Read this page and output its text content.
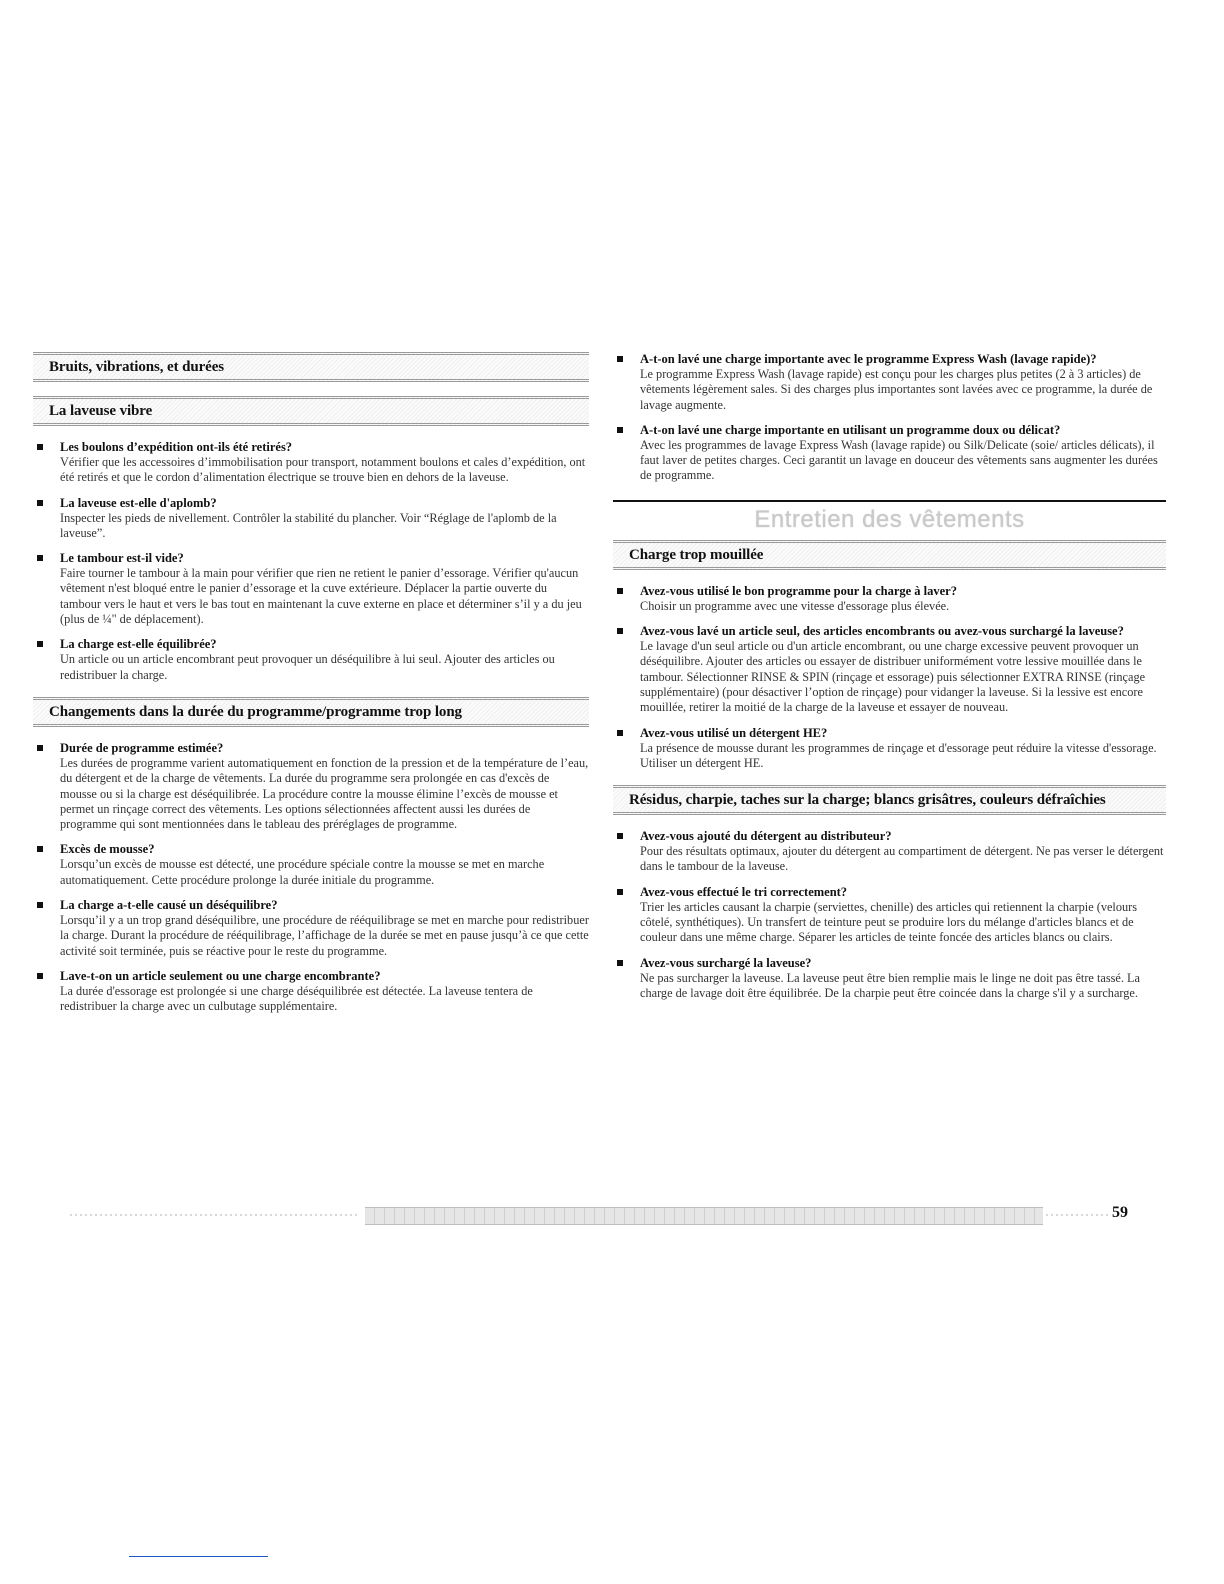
Bruits, vibrations, et durées
La laveuse vibre
Les boulons d’expédition ont-ils été retirés?
Vérifier que les accessoires d’immobilisation pour transport, notamment boulons et cales d’expédition, ont été retirés et que le cordon d’alimentation électrique se trouve bien en dehors de la laveuse.
La laveuse est-elle d'aplomb?
Inspecter les pieds de nivellement. Contrôler la stabilité du plancher. Voir “Réglage de l'aplomb de la laveuse”.
Le tambour est-il vide?
Faire tourner le tambour à la main pour vérifier que rien ne retient le panier d’essorage. Vérifier qu'aucun vêtement n'est bloqué entre le panier d’essorage et la cuve extérieure. Déplacer la partie ouverte du tambour vers le haut et vers le bas tout en maintenant la cuve externe en place et déterminer s’il y a du jeu (plus de ¼" de déplacement).
La charge est-elle équilibrée?
Un article ou un article encombrant peut provoquer un déséquilibre à lui seul. Ajouter des articles ou redistribuer la charge.
Changements dans la durée du programme/programme trop long
Durée de programme estimée?
Les durées de programme varient automatiquement en fonction de la pression et de la température de l’eau, du détergent et de la charge de vêtements. La durée du programme sera prolongée en cas d'excès de mousse ou si la charge est déséquilibrée. La procédure contre la mousse élimine l’excès de mousse et permet un rinçage correct des vêtements. Les options sélectionnées affectent aussi les durées de programme qui sont mentionnées dans le tableau des préréglages de programme.
Excès de mousse?
Lorsqu’un excès de mousse est détecté, une procédure spéciale contre la mousse se met en marche automatiquement. Cette procédure prolonge la durée initiale du programme.
La charge a-t-elle causé un déséquilibre?
Lorsqu’il y a un trop grand déséquilibre, une procédure de rééquilibrage se met en marche pour redistribuer la charge. Durant la procédure de rééquilibrage, l’affichage de la durée se met en pause jusqu’à ce que cette activité soit terminée, puis se réactive pour le reste du programme.
Lave-t-on un article seulement ou une charge encombrante?
La durée d'essorage est prolongée si une charge déséquilibrée est détectée. La laveuse tentera de redistribuer la charge avec un culbutage supplémentaire.
A-t-on lavé une charge importante avec le programme Express Wash (lavage rapide)?
Le programme Express Wash (lavage rapide) est conçu pour les charges plus petites (2 à 3 articles) de vêtements légèrement sales. Si des charges plus importantes sont lavées avec ce programme, la durée de lavage augmente.
A-t-on lavé une charge importante en utilisant un programme doux ou délicat?
Avec les programmes de lavage Express Wash (lavage rapide) ou Silk/Delicate (soie/ articles délicats), il faut laver de petites charges. Ceci garantit un lavage en douceur des vêtements sans augmenter les durées de programme.
Entretien des vêtements
Charge trop mouillée
Avez-vous utilisé le bon programme pour la charge à laver?
Choisir un programme avec une vitesse d'essorage plus élevée.
Avez-vous lavé un article seul, des articles encombrants ou avez-vous surchargé la laveuse?
Le lavage d'un seul article ou d'un article encombrant, ou une charge excessive peuvent provoquer un déséquilibre. Ajouter des articles ou essayer de distribuer uniformément votre lessive mouillée dans le tambour. Sélectionner RINSE & SPIN (rinçage et essorage) puis sélectionner EXTRA RINSE (rinçage supplémentaire) (pour désactiver l’option de rinçage) pour vidanger la laveuse. Si la lessive est encore mouillée, retirer la moitié de la charge de la laveuse et essayer de nouveau.
Avez-vous utilisé un détergent HE?
La présence de mousse durant les programmes de rinçage et d'essorage peut réduire la vitesse d'essorage. Utiliser un détergent HE.
Résidus, charpie, taches sur la charge; blancs grisâtres, couleurs défraîchies
Avez-vous ajouté du détergent au distributeur?
Pour des résultats optimaux, ajouter du détergent au compartiment de détergent. Ne pas verser le détergent dans le tambour de la laveuse.
Avez-vous effectué le tri correctement?
Trier les articles causant la charpie (serviettes, chenille) des articles qui retiennent la charpie (velours côtelé, synthétiques). Un transfert de teinture peut se produire lors du mélange d'articles blancs et de couleur dans une même charge. Séparer les articles de teinte foncée des articles blancs ou clairs.
Avez-vous surchargé la laveuse?
Ne pas surcharger la laveuse. La laveuse peut être bien remplie mais le linge ne doit pas être tassé. La charge de lavage doit être équilibrée. De la charpie peut être coincée dans la charge s'il y a surcharge.
59
